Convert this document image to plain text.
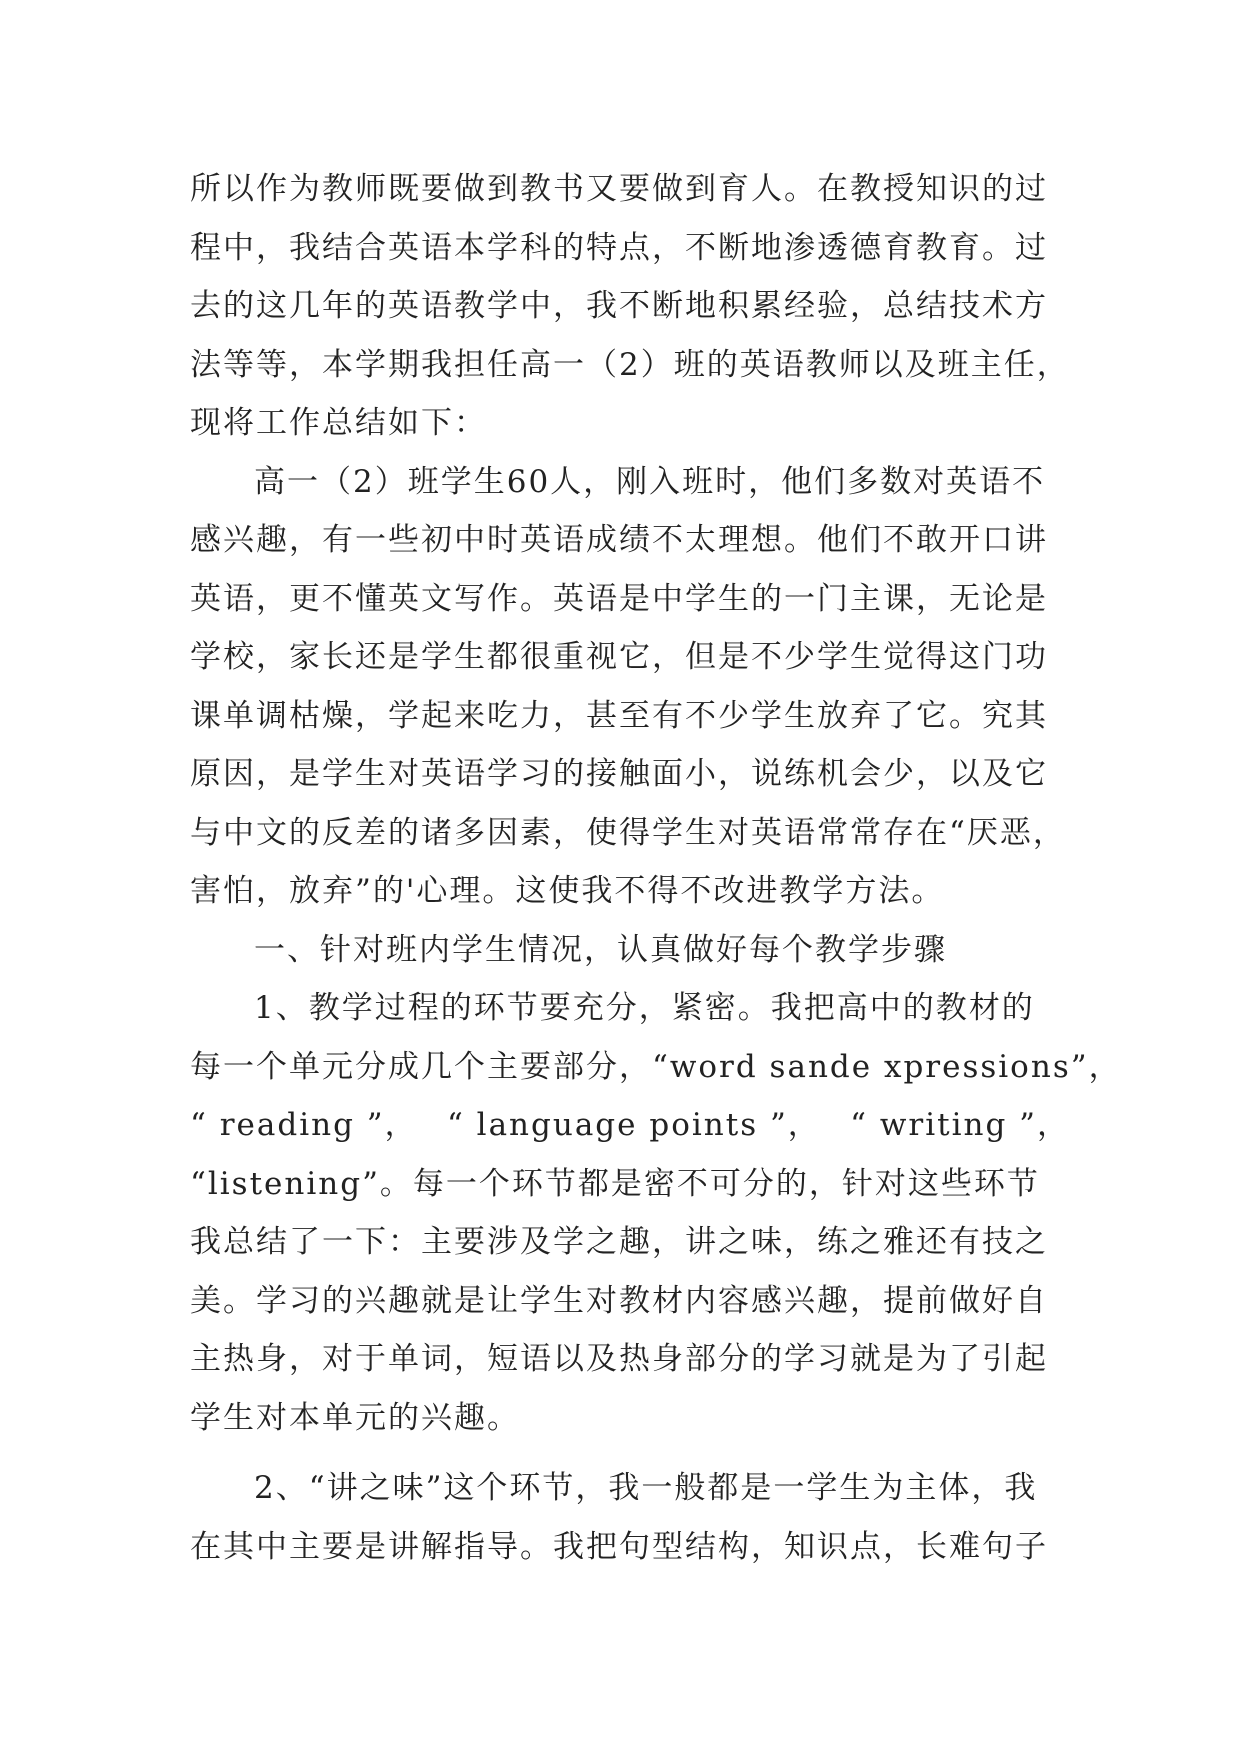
所以作为教师既要做到教书又要做到育人。在教授知识的过
程中，我结合英语本学科的特点，不断地渗透德育教育。过
去的这几年的英语教学中，我不断地积累经验，总结技术方
法等等，本学期我担任高一（2）班的英语教师以及班主任，
现将工作总结如下：
高一（2）班学生60人，刚入班时，他们多数对英语不
感兴趣，有一些初中时英语成绩不太理想。他们不敢开口讲
英语，更不懂英文写作。英语是中学生的一门主课，无论是
学校，家长还是学生都很重视它，但是不少学生觉得这门功
课单调枯燥，学起来吃力，甚至有不少学生放弃了它。究其
原因，是学生对英语学习的接触面小，说练机会少，以及它
与中文的反差的诸多因素，使得学生对英语常常存在“厌恶，
害怕，放弃”的'心理。这使我不得不改进教学方法。
一、针对班内学生情况，认真做好每个教学步骤
1、教学过程的环节要充分，紧密。我把高中的教材的
每一个单元分成几个主要部分，“word sande xpressions”，
“ reading ”， “ language points ”， “ writing ”，
“listening”。每一个环节都是密不可分的，针对这些环节
我总结了一下：主要涉及学之趣，讲之味，练之雅还有技之
美。学习的兴趣就是让学生对教材内容感兴趣，提前做好自
主热身，对于单词，短语以及热身部分的学习就是为了引起
学生对本单元的兴趣。
2、“讲之味”这个环节，我一般都是一学生为主体，我
在其中主要是讲解指导。我把句型结构，知识点，长难句子
